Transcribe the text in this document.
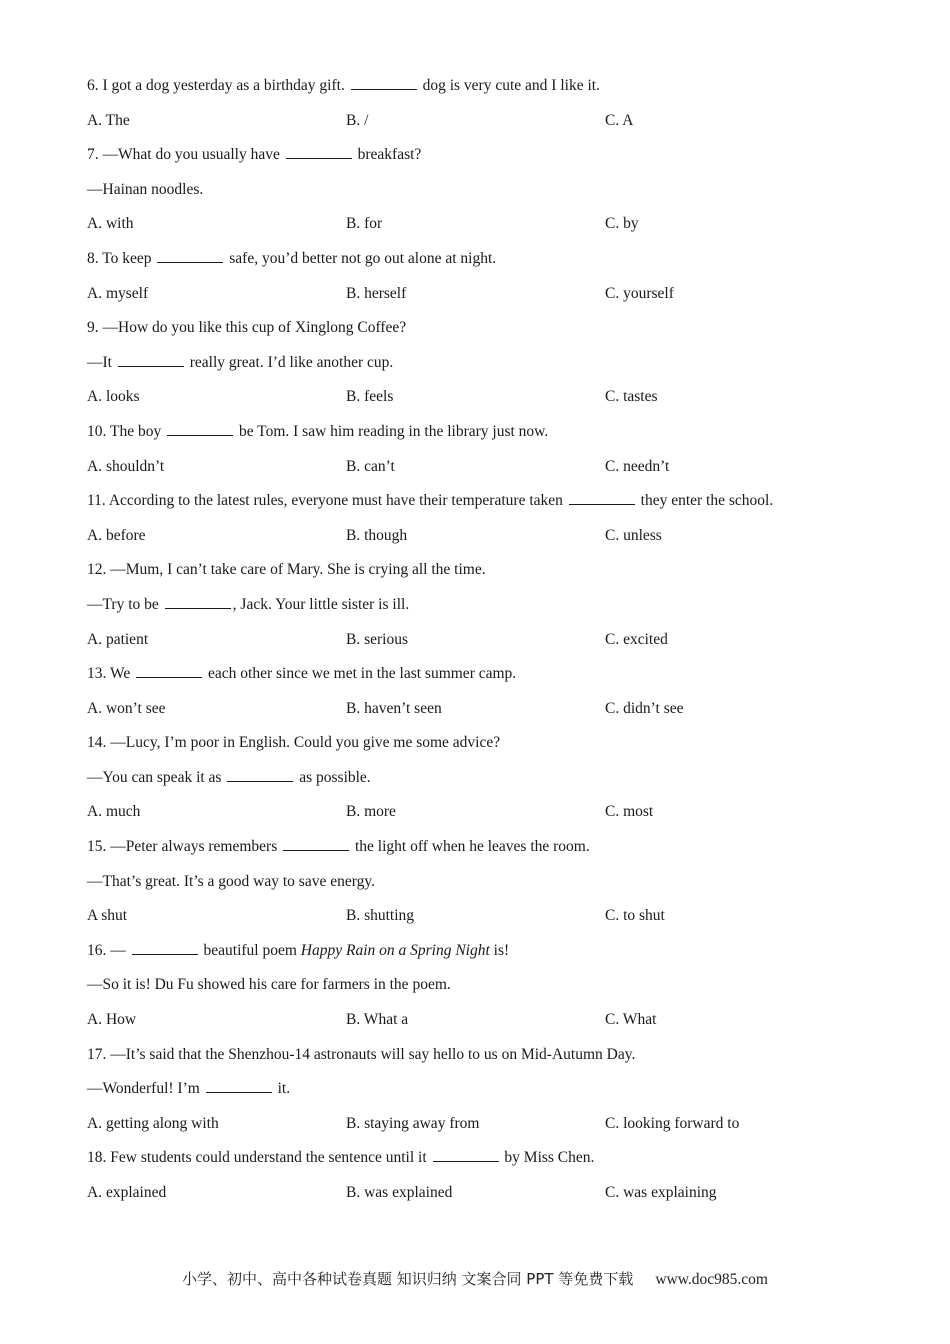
6. I got a dog yesterday as a birthday gift.	dog is very cute and I like it.
A. The	B. /	C. A
7. —What do you usually have	breakfast?
—Hainan noodles.
A. with	B. for	C. by
8. To keep	safe, you’d better not go out alone at night.
A. myself	B. herself	C. yourself
9. —How do you like this cup of Xinglong Coffee?
—It	really great. I’d like another cup.
A. looks	B. feels	C. tastes
10. The boy	be Tom. I saw him reading in the library just now.
A. shouldn’t	B. can’t	C. needn’t
11. According to the latest rules, everyone must have their temperature taken	they enter the school.
A. before	B. though	C. unless
12. —Mum, I can’t take care of Mary. She is crying all the time.
—Try to be	, Jack. Your little sister is ill.
A. patient	B. serious	C. excited
13. We	each other since we met in the last summer camp.
A. won’t see	B. haven’t seen	C. didn’t see
14. —Lucy, I’m poor in English. Could you give me some advice?
—You can speak it as	as possible.
A. much	B. more	C. most
15. —Peter always remembers	the light off when he leaves the room.
—That’s great. It’s a good way to save energy.
A shut	B. shutting	C. to shut
16. —	beautiful poem Happy Rain on a Spring Night is!
—So it is! Du Fu showed his care for farmers in the poem.
A. How	B. What a	C. What
17. —It’s said that the Shenzhou-14 astronauts will say hello to us on Mid-Autumn Day.
—Wonderful! I’m	it.
A. getting along with	B. staying away from	C. looking forward to
18. Few students could understand the sentence until it	by Miss Chen.
A. explained	B. was explained	C. was explaining
小学、初中、高中各种试卷真题 知识归纳 文案合同 PPT 等免费下载 www.doc985.com
